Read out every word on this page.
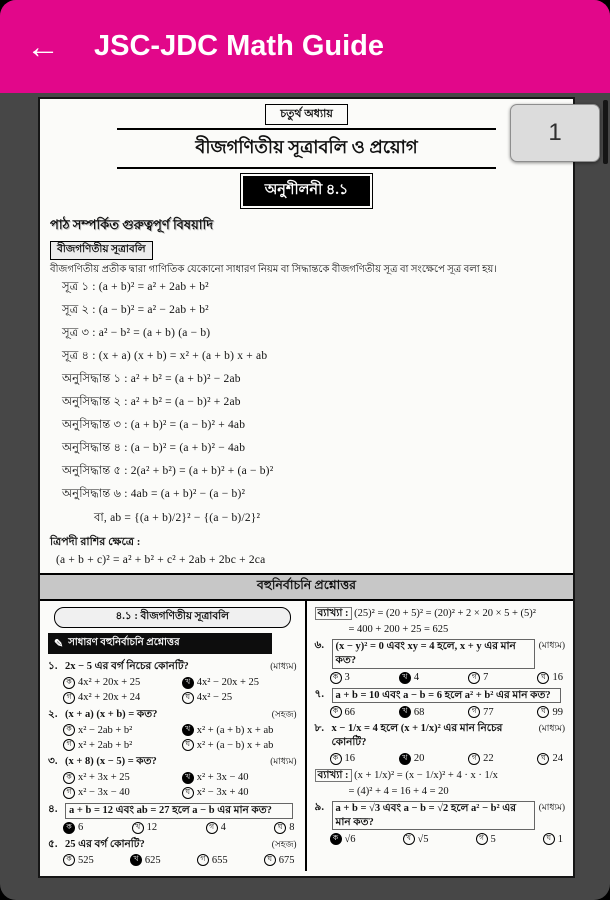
←	JSC-JDC Math Guide
চতুর্থ অধ্যায়
বীজগণিতীয় সূত্রাবলি ও প্রয়োগ
অনুশীলনী ৪.১
পাঠ সম্পর্কিত গুরুত্বপূর্ণ বিষয়াদি
বীজগণিতীয় সূত্রাবলি

বীজগণিতীয় প্রতীক দ্বারা গাণিতিক যেকোনো সাধারণ নিয়ম বা সিদ্ধান্তকে বীজগণিতীয় সূত্র বা সংক্ষেপে সূত্র বলা হয়।

সূত্র ১ : (a + b)² = a² + 2ab + b²
সূত্র ২ : (a − b)² = a² − 2ab + b²
সূত্র ৩ : a² − b² = (a + b) (a − b)
সূত্র ৪ : (x + a) (x + b) = x² + (a + b) x + ab
অনুসিদ্ধান্ত ১ : a² + b² = (a + b)² − 2ab
অনুসিদ্ধান্ত ২ : a² + b² = (a − b)² + 2ab
অনুসিদ্ধান্ত ৩ : (a + b)² = (a − b)² + 4ab
অনুসিদ্ধান্ত ৪ : (a − b)² = (a + b)² − 4ab
অনুসিদ্ধান্ত ৫ : 2(a² + b²) = (a + b)² + (a − b)²
অনুসিদ্ধান্ত ৬ : 4ab = (a + b)² − (a − b)²
বা, ab = {(a + b)/2}² − {(a − b)/2}²
ত্রিপদী রাশির ক্ষেত্রে :
(a + b + c)² = a² + b² + c² + 2ab + 2bc + 2ca
বহুনির্বাচনি প্রশ্নোত্তর
৪.১ : বীজগণিতীয় সূত্রাবলি
✎ সাধারণ বহুনির্বাচনি প্রশ্নোত্তর
১. 2x − 5 এর বর্গ নিচের কোনটি?	(মাধ্যম)
ক 4x² + 20x + 25	খ 4x² − 20x + 25
গ 4x² + 20x + 24	ঘ 4x² − 25
২. (x + a) (x + b) = কত?	(সহজ)
ক x² − 2ab + b²	খ x² + (a + b) x + ab
গ x² + 2ab + b²	ঘ x² + (a − b) x + ab
৩. (x + 8) (x − 5) = কত?	(মাধ্যম)
ক x² + 3x + 25	খ x² + 3x − 40
গ x² − 3x − 40	ঘ x² − 3x + 40
৪.	a + b = 12 এবং ab = 27 হলে a − b এর মান কত?
ক 6	খ 12	গ 4	ঘ 8
৫. 25 এর বর্গ কোনটি?	(সহজ)
ক 525	খ 625	গ 655	ঘ 675
ব্যাখ্যা : (25)² = (20 + 5)² = (20)² + 2 × 20 × 5 + (5)²
= 400 + 200 + 25 = 625
৬.	(x − y)² = 0 এবং xy = 4 হলে, x + y এর মান কত?
(মাধ্যম)
ক 3	খ 4	গ 7	ঘ 16
৭.	a + b = 10 এবং a − b = 6 হলে a² + b² এর মান কত?
ক 66	খ 68	গ 77	ঘ 99
৮. x − 1/x = 4 হলে (x + 1/x)² এর মান নিচের কোনটি?
(মাধ্যম)
ক 16	খ 20	গ 22	ঘ 24
ব্যাখ্যা : (x + 1/x)² = (x − 1/x)² + 4 · x · 1/x
= (4)² + 4 = 16 + 4 = 20
৯.	a + b = √3 এবং a − b = √2 হলে a² − b² এর মান কত?
(মাধ্যম)
ক √6	খ √5	গ 5	ঘ 1
1
